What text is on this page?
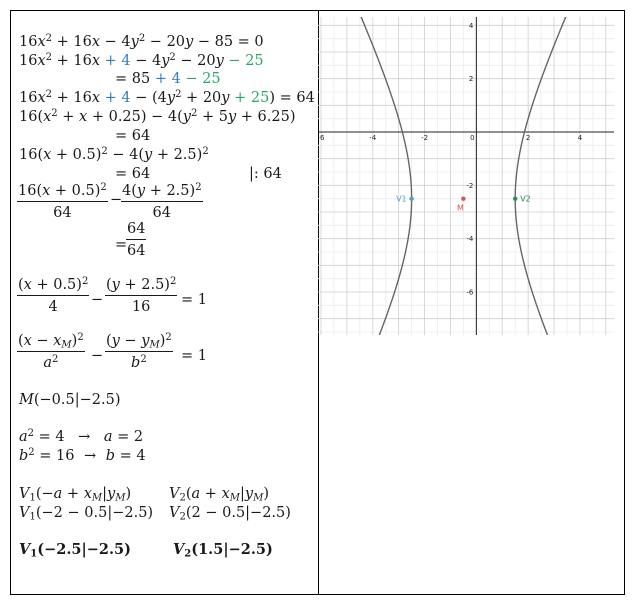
$16x^2 + 16x - 4y^2 - 20y - 85 = 0$
$16x^2 + 16x + 4 - 4y^2 - 20y - 25$
= 85 + 4 − 25
$16x^2 + 16x + 4 - (4y^2 + 20y + 25) = 64$
$16(x^2 + x + 0.25) - 4(y^2 + 5y + 6.25)$
= 64
$16(x + 0.5)^2 - 4(y + 2.5)^2$
= 64	|: 64
$16(x + 0.5)^2$
64
−
$4(y + 2.5)^2$
64
=
64
64
$(x + 0.5)^2$
4 −
$(y + 2.5)^2$
16 = 1
$(x - x_M)^2$
$a^2$ −
$(y - y_M)^2$
$b^2 = 1$
M(−0.5|−2.5)
$a^2 = 4 \to a = 2$
$b^2 = 16 \to b = 4$
$V_1(-a + x_M|y_M)$	$V_2(a + x_M|y_M)$
$V_1(-2 - 0.5|-2.5) V_2(2 - 0.5|-2.5)$
$V_1(-2.5|-2.5)$	$V_2(1.5|-2.5)$
-6	-4	-2	0	2	4
4
2
-2
-4
-6
V1
M
V2
